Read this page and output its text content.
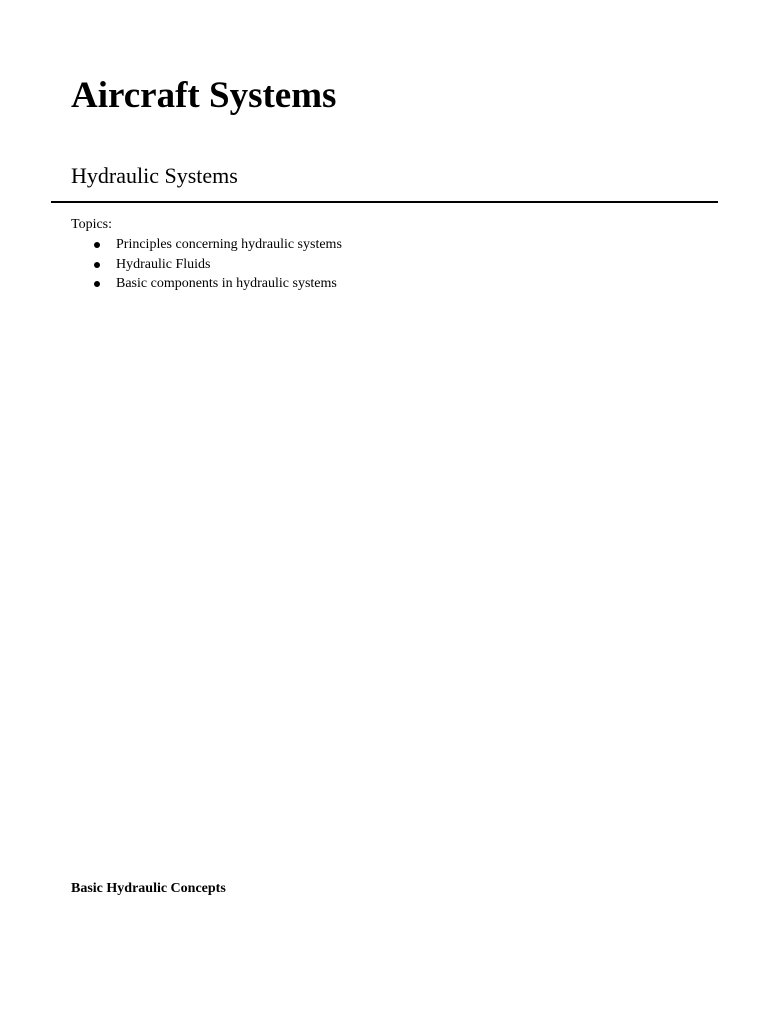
Aircraft Systems
Hydraulic Systems

Topics:

Principles concerning hydraulic systems
Hydraulic Fluids
Basic components in hydraulic systems

Basic Hydraulic Concepts
